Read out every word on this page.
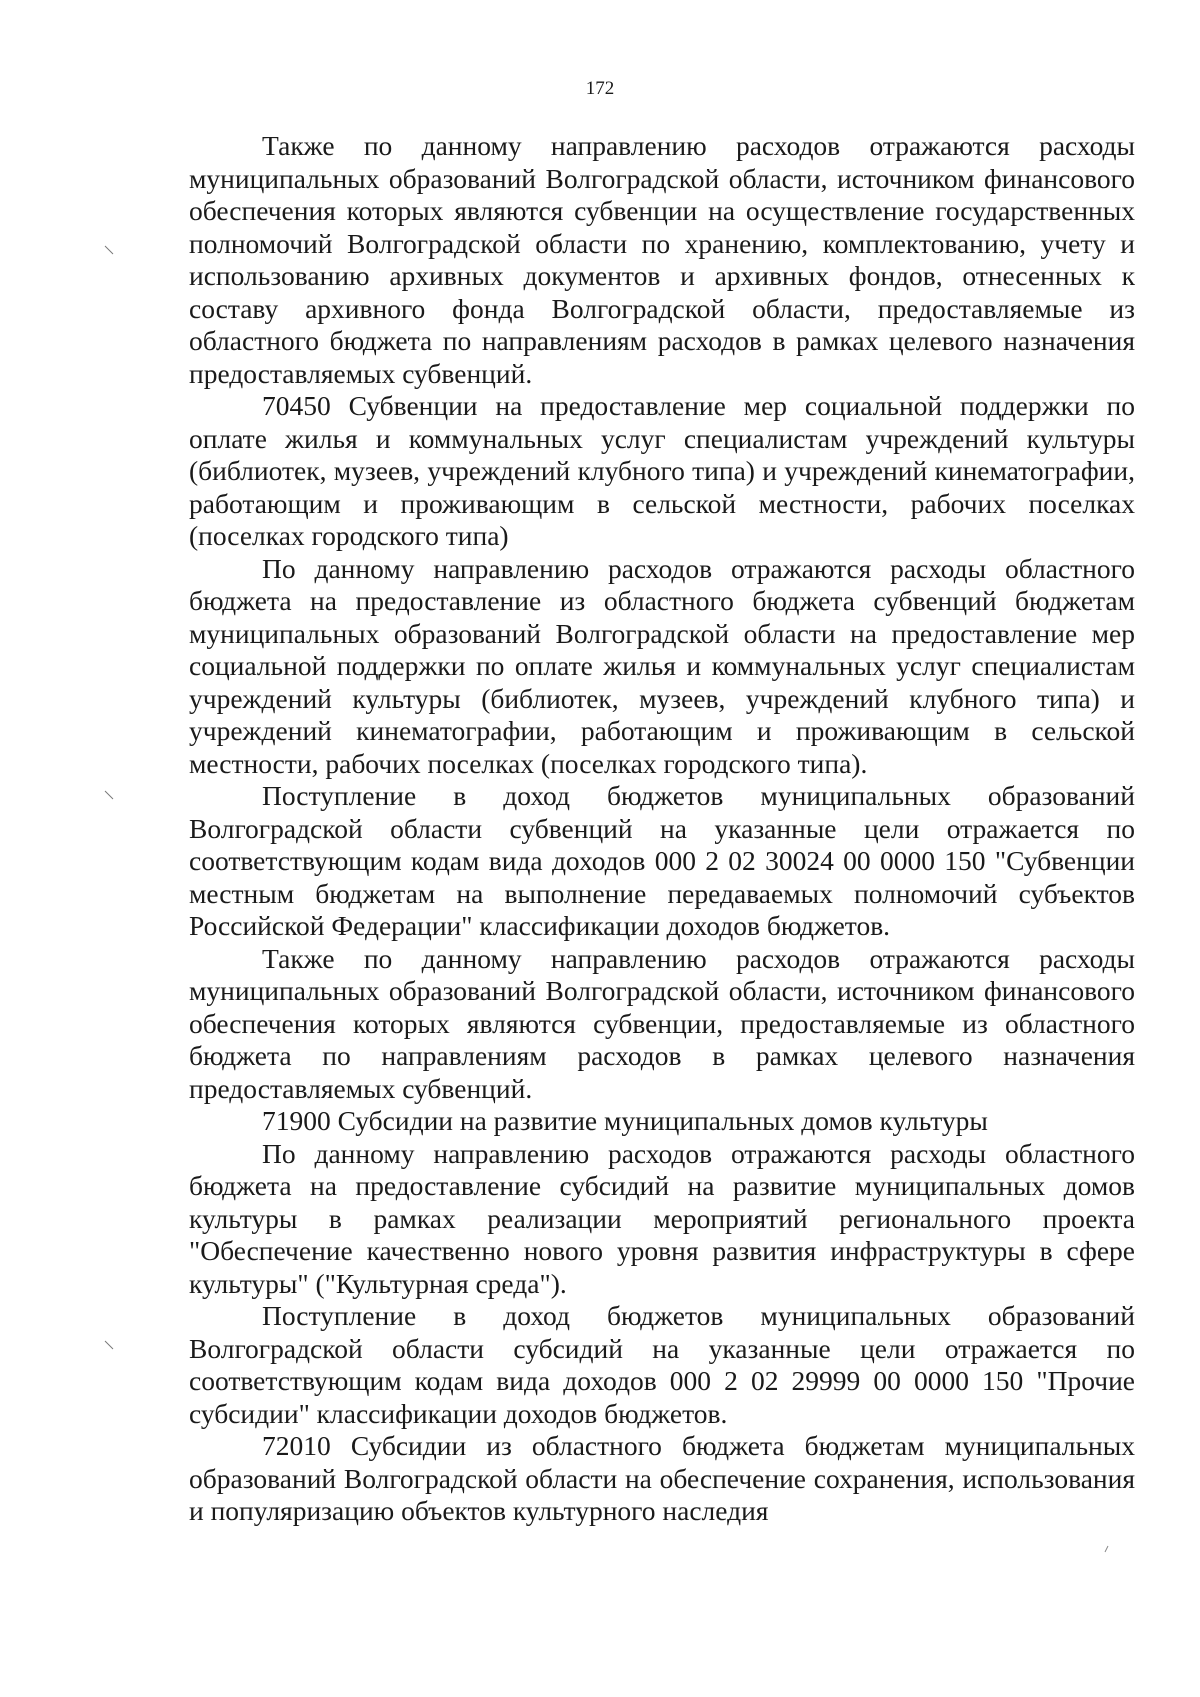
172

Также по данному направлению расходов отражаются расходы муниципальных образований Волгоградской области, источником финансового обеспечения которых являются субвенции на осуществление государственных полномочий Волгоградской области по хранению, комплектованию, учету и использованию архивных документов и архивных фондов, отнесенных к составу архивного фонда Волгоградской области, предоставляемые из областного бюджета по направлениям расходов в рамках целевого назначения предоставляемых субвенций.

70450 Субвенции на предоставление мер социальной поддержки по оплате жилья и коммунальных услуг специалистам учреждений культуры (библиотек, музеев, учреждений клубного типа) и учреждений кинематографии, работающим и проживающим в сельской местности, рабочих поселках (поселках городского типа)

По данному направлению расходов отражаются расходы областного бюджета на предоставление из областного бюджета субвенций бюджетам муниципальных образований Волгоградской области на предоставление мер социальной поддержки по оплате жилья и коммунальных услуг специалистам учреждений культуры (библиотек, музеев, учреждений клубного типа) и учреждений кинематографии, работающим и проживающим в сельской местности, рабочих поселках (поселках городского типа).

Поступление в доход бюджетов муниципальных образований Волгоградской области субвенций на указанные цели отражается по соответствующим кодам вида доходов 000 2 02 30024 00 0000 150 "Субвенции местным бюджетам на выполнение передаваемых полномочий субъектов Российской Федерации" классификации доходов бюджетов.

Также по данному направлению расходов отражаются расходы муниципальных образований Волгоградской области, источником финансового обеспечения которых являются субвенции, предоставляемые из областного бюджета по направлениям расходов в рамках целевого назначения предоставляемых субвенций.

71900 Субсидии на развитие муниципальных домов культуры

По данному направлению расходов отражаются расходы областного бюджета на предоставление субсидий на развитие муниципальных домов культуры в рамках реализации мероприятий регионального проекта "Обеспечение качественно нового уровня развития инфраструктуры в сфере культуры" ("Культурная среда").

Поступление в доход бюджетов муниципальных образований Волгоградской области субсидий на указанные цели отражается по соответствующим кодам вида доходов 000 2 02 29999 00 0000 150 "Прочие субсидии" классификации доходов бюджетов.

72010 Субсидии из областного бюджета бюджетам муниципальных образований Волгоградской области на обеспечение сохранения, использования и популяризацию объектов культурного наследия
